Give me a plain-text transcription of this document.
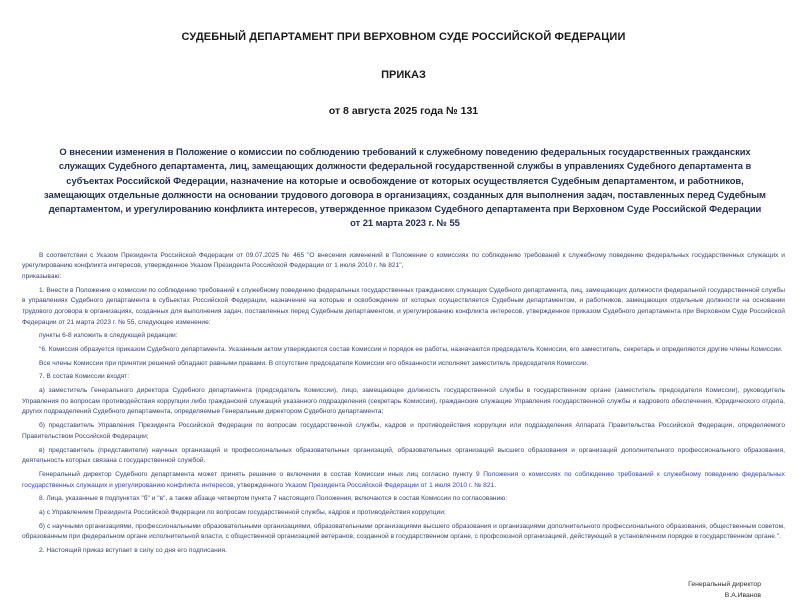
СУДЕБНЫЙ ДЕПАРТАМЕНТ ПРИ ВЕРХОВНОМ СУДЕ РОССИЙСКОЙ ФЕДЕРАЦИИ
ПРИКАЗ
от 8 августа 2025 года № 131
О внесении изменения в Положение о комиссии по соблюдению требований к служебному поведению федеральных государственных гражданских служащих Судебного департамента, лиц, замещающих должности федеральной государственной службы в управлениях Судебного департамента в субъектах Российской Федерации, назначение на которые и освобождение от которых осуществляется Судебным департаментом, и работников, замещающих отдельные должности на основании трудового договора в организациях, созданных для выполнения задач, поставленных перед Судебным департаментом, и урегулированию конфликта интересов, утвержденное приказом Судебного департамента при Верховном Суде Российской Федерации от 21 марта 2023 г. № 55

В соответствии с Указом Президента Российской Федерации от 09.07.2025 № 465 "О внесении изменений в Положение о комиссиях по соблюдению требований к служебному поведению федеральных государственных служащих и урегулированию конфликта интересов, утвержденное Указом Президента Российской Федерации от 1 июля 2010 г. № 821",

приказываю:

1. Внести в Положение о комиссии по соблюдению требований к служебному поведению федеральных государственных гражданских служащих Судебного департамента, лиц, замещающих должности федеральной государственной службы в управлениях Судебного департамента в субъектах Российской Федерации, назначение на которые и освобождение от которых осуществляется Судебным департаментом, и работников, замещающих отдельные должности на основании трудового договора в организациях, созданных для выполнения задач, поставленных перед Судебным департаментом, и урегулированию конфликта интересов, утвержденное приказом Судебного департамента при Верховном Суде Российской Федерации от 21 марта 2023 г. № 55, следующее изменение:

пункты 6-8 изложить в следующей редакции:

"6. Комиссия образуется приказом Судебного департамента. Указанным актом утверждаются состав Комиссии и порядок ее работы, назначаются председатель Комиссии, его заместитель, секретарь и определяются другие члены Комиссии.

Все члены Комиссии при принятии решений обладают равными правами. В отсутствие председателя Комиссии его обязанности исполняет заместитель председателя Комиссии.

7. В состав Комиссии входят:

а) заместитель Генерального директора Судебного департамента (председатель Комиссии), лицо, замещающее должность государственной службы в государственном органе (заместитель председателя Комиссии), руководитель Управления по вопросам противодействия коррупции либо гражданский служащий указанного подразделения (секретарь Комиссии), гражданские служащие Управления государственной службы и кадрового обеспечения, Юридического отдела, других подразделений Судебного департамента, определяемые Генеральным директором Судебного департамента;

б) представитель Управления Президента Российской Федерации по вопросам государственной службы, кадров и противодействия коррупции или подразделения Аппарата Правительства Российской Федерации, определяемого Правительством Российской Федерации;

в) представитель (представители) научных организаций и профессиональных образовательных организаций, образовательных организаций высшего образования и организаций дополнительного профессионального образования, деятельность которых связана с государственной службой.

Генеральный директор Судебного департамента может принять решение о включении в состав Комиссии иных лиц согласно пункту 9 Положения о комиссиях по соблюдению требований к служебному поведению федеральных государственных служащих и урегулированию конфликта интересов, утвержденного Указом Президента Российской Федерации от 1 июля 2010 г. № 821.

8. Лица, указанные в подпунктах "б" и "в", а также абзаце четвертом пункта 7 настоящего Положения, включаются в состав Комиссии по согласованию:

а) с Управлением Президента Российской Федерации по вопросам государственной службы, кадров и противодействия коррупции;

б) с научными организациями, профессиональными образовательными организациями, образовательными организациями высшего образования и организациями дополнительного профессионального образования, общественным советом, образованным при федеральном органе исполнительной власти, с общественной организацией ветеранов, созданной в государственном органе, с профсоюзной организацией, действующей в установленном порядке в государственном органе.".

2. Настоящий приказ вступает в силу со дня его подписания.

Генеральный директор
В.А.Иванов
